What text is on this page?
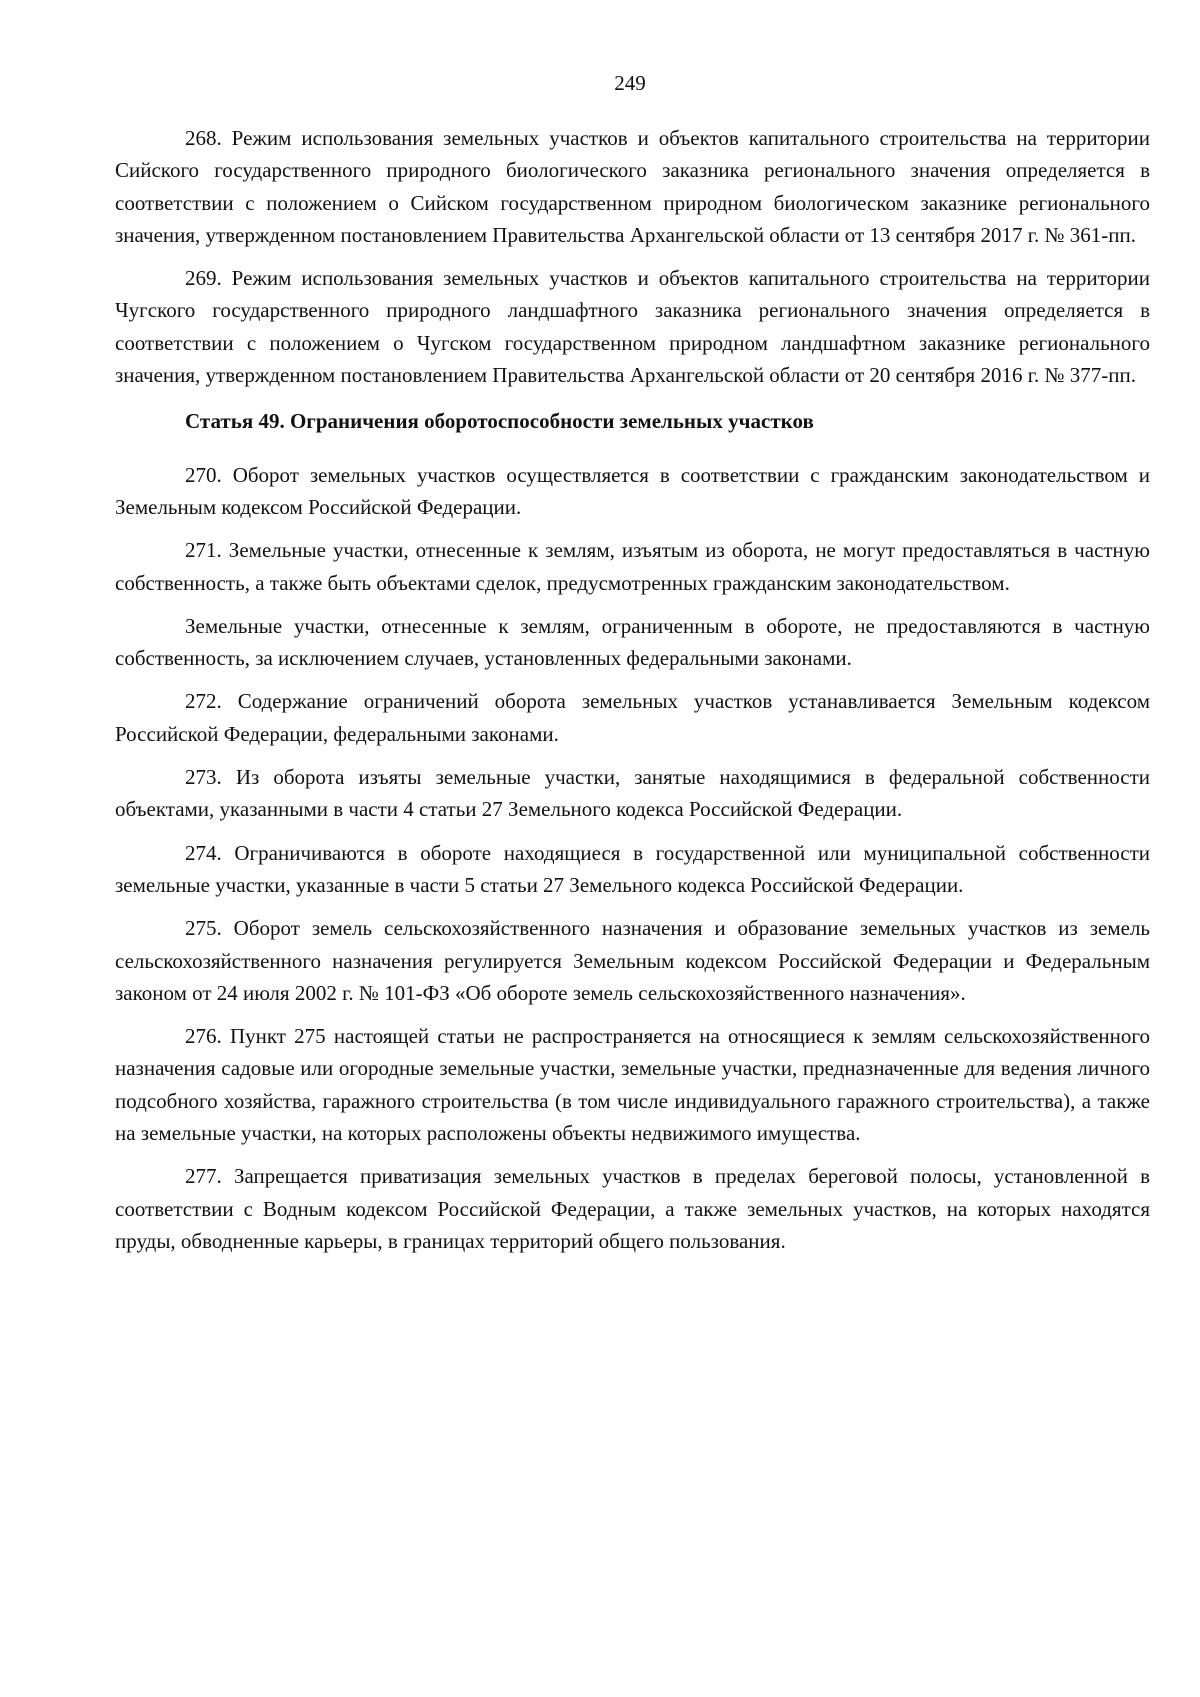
249

268. Режим использования земельных участков и объектов капитального строительства на территории Сийского государственного природного биологического заказника регионального значения определяется в соответствии с положением о Сийском государственном природном биологическом заказнике регионального значения, утвержденном постановлением Правительства Архангельской области от 13 сентября 2017 г. № 361-пп.

269. Режим использования земельных участков и объектов капитального строительства на территории Чугского государственного природного ландшафтного заказника регионального значения определяется в соответствии с положением о Чугском государственном природном ландшафтном заказнике регионального значения, утвержденном постановлением Правительства Архангельской области от 20 сентября 2016 г. № 377-пп.

Статья 49. Ограничения оборотоспособности земельных участков

270. Оборот земельных участков осуществляется в соответствии с гражданским законодательством и Земельным кодексом Российской Федерации.

271. Земельные участки, отнесенные к землям, изъятым из оборота, не могут предоставляться в частную собственность, а также быть объектами сделок, предусмотренных гражданским законодательством.

Земельные участки, отнесенные к землям, ограниченным в обороте, не предоставляются в частную собственность, за исключением случаев, установленных федеральными законами.

272. Содержание ограничений оборота земельных участков устанавливается Земельным кодексом Российской Федерации, федеральными законами.

273. Из оборота изъяты земельные участки, занятые находящимися в федеральной собственности объектами, указанными в части 4 статьи 27 Земельного кодекса Российской Федерации.

274. Ограничиваются в обороте находящиеся в государственной или муниципальной собственности земельные участки, указанные в части 5 статьи 27 Земельного кодекса Российской Федерации.

275. Оборот земель сельскохозяйственного назначения и образование земельных участков из земель сельскохозяйственного назначения регулируется Земельным кодексом Российской Федерации и Федеральным законом от 24 июля 2002 г. № 101-ФЗ «Об обороте земель сельскохозяйственного назначения».

276. Пункт 275 настоящей статьи не распространяется на относящиеся к землям сельскохозяйственного назначения садовые или огородные земельные участки, земельные участки, предназначенные для ведения личного подсобного хозяйства, гаражного строительства (в том числе индивидуального гаражного строительства), а также на земельные участки, на которых расположены объекты недвижимого имущества.

277. Запрещается приватизация земельных участков в пределах береговой полосы, установленной в соответствии с Водным кодексом Российской Федерации, а также земельных участков, на которых находятся пруды, обводненные карьеры, в границах территорий общего пользования.
